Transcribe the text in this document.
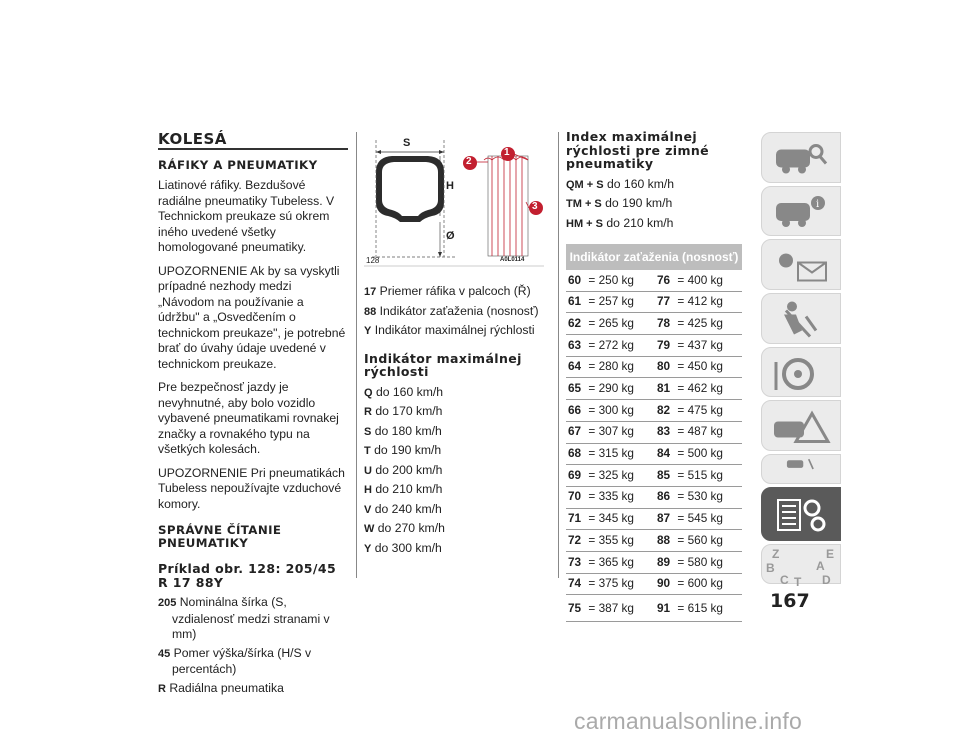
KOLESÁ
RÁFIKY A PNEUMATIKY

Liatinové ráfiky. Bezdušové radiálne pneumatiky Tubeless. V Technickom preukaze sú okrem iného uvedené všetky homologované pneumatiky.

UPOZORNENIE Ak by sa vyskytli prípadné nezhody medzi „Návodom na používanie a údržbu" a „Osvedčením o technickom preukaze", je potrebné brať do úvahy údaje uvedené v technickom preukaze.

Pre bezpečnosť jazdy je nevyhnutné, aby bolo vozidlo vybavené pneumatikami rovnakej značky a rovnakého typu na všetkých kolesách.

UPOZORNENIE Pri pneumatikách Tubeless nepoužívajte vzduchové komory.

SPRÁVNE ČÍTANIE PNEUMATIKY
Príklad obr. 128: 205/45 R 17 88Y
205 Nominálna šírka (S, vzdialenosť medzi stranami v mm)
45 Pomer výška/šírka (H/S v percentách)
R Radiálna pneumatika
S
H
Ø
1
2
3
128	A0L0114
17 Priemer ráfika v palcoch (Ř)
88 Indikátor zaťaženia (nosnosť)
Y Indikátor maximálnej rýchlosti
Indikátor maximálnej rýchlosti
Q do 160 km/h
R do 170 km/h
S do 180 km/h
T do 190 km/h
U do 200 km/h
H do 210 km/h
V do 240 km/h
W do 270 km/h
Y do 300 km/h
Index maximálnej rýchlosti pre zimné pneumatiky
QM + S do 160 km/h
TM + S do 190 km/h
HM + S do 210 km/h
Indikátor zaťaženia (nosnosť)
60 = 250 kg	76 = 400 kg
61 = 257 kg	77 = 412 kg
62 = 265 kg	78 = 425 kg
63 = 272 kg	79 = 437 kg
64 = 280 kg	80 = 450 kg
65 = 290 kg	81 = 462 kg
66 = 300 kg	82 = 475 kg
67 = 307 kg	83 = 487 kg
68 = 315 kg	84 = 500 kg
69 = 325 kg	85 = 515 kg
70 = 335 kg	86 = 530 kg
71 = 345 kg	87 = 545 kg
72 = 355 kg	88 = 560 kg
73 = 365 kg	89 = 580 kg
74 = 375 kg	90 = 600 kg
75 = 387 kg	91 = 615 kg
i
Z	E
B	A
C T D
167
carmanualsonline.info
